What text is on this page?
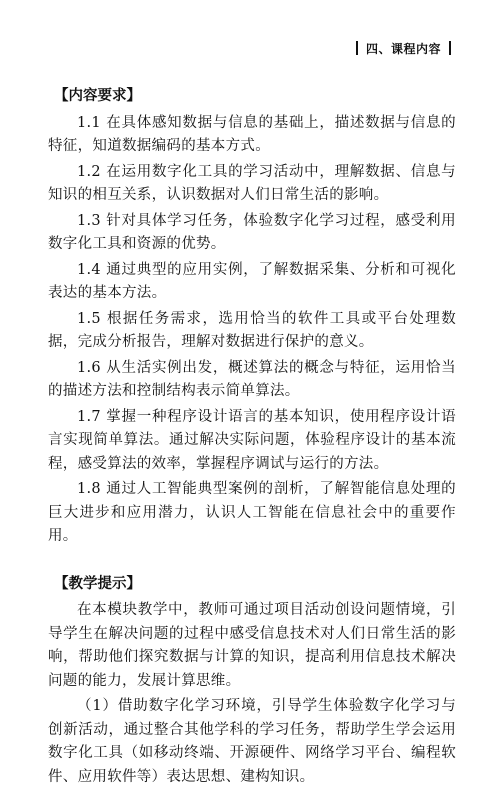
四、课程内容
【内容要求】

1.1 在具体感知数据与信息的基础上，描述数据与信息的特征，知道数据编码的基本方式。

1.2 在运用数字化工具的学习活动中，理解数据、信息与知识的相互关系，认识数据对人们日常生活的影响。

1.3 针对具体学习任务，体验数字化学习过程，感受利用数字化工具和资源的优势。

1.4 通过典型的应用实例，了解数据采集、分析和可视化表达的基本方法。

1.5 根据任务需求，选用恰当的软件工具或平台处理数据，完成分析报告，理解对数据进行保护的意义。

1.6 从生活实例出发，概述算法的概念与特征，运用恰当的描述方法和控制结构表示简单算法。

1.7 掌握一种程序设计语言的基本知识，使用程序设计语言实现简单算法。通过解决实际问题，体验程序设计的基本流程，感受算法的效率，掌握程序调试与运行的方法。

1.8 通过人工智能典型案例的剖析，了解智能信息处理的巨大进步和应用潜力，认识人工智能在信息社会中的重要作用。

【教学提示】

在本模块教学中，教师可通过项目活动创设问题情境，引导学生在解决问题的过程中感受信息技术对人们日常生活的影响，帮助他们探究数据与计算的知识，提高利用信息技术解决问题的能力，发展计算思维。

（1）借助数字化学习环境，引导学生体验数字化学习与创新活动，通过整合其他学科的学习任务，帮助学生学会运用数字化工具（如移动终端、开源硬件、网络学习平台、编程软件、应用软件等）表达思想、建构知识。
